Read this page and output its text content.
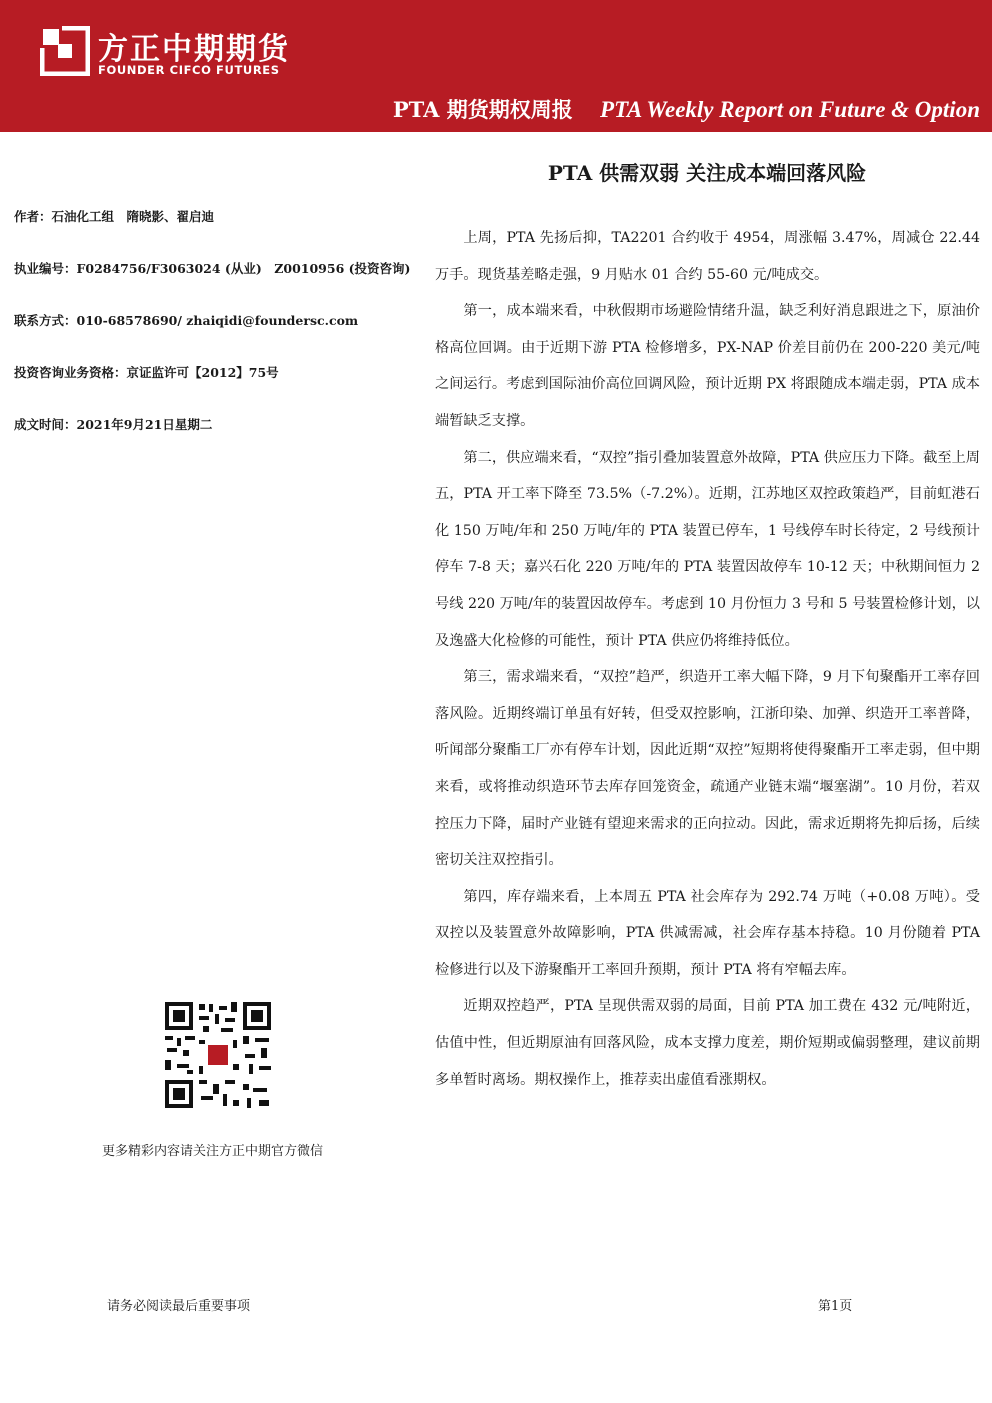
方正中期期货
FOUNDER CIFCO FUTURES
PTA 期货期权周报 PTA Weekly Report on Future & Option
PTA 供需双弱 关注成本端回落风险
作者：石油化工组　隋晓影、翟启迪
执业编号：F0284756/F3063024 (从业)　Z0010956 (投资咨询)
联系方式：010-68578690/ zhaiqidi@foundersc.com
投资咨询业务资格：京证监许可【2012】75号
成文时间：2021年9月21日星期二

上周，PTA 先扬后抑，TA2201 合约收于 4954，周涨幅 3.47%，周减仓 22.44 万手。现货基差略走强，9 月贴水 01 合约 55-60 元/吨成交。

第一，成本端来看，中秋假期市场避险情绪升温，缺乏利好消息跟进之下，原油价格高位回调。由于近期下游 PTA 检修增多，PX-NAP 价差目前仍在 200-220 美元/吨之间运行。考虑到国际油价高位回调风险，预计近期 PX 将跟随成本端走弱，PTA 成本端暂缺乏支撑。

第二，供应端来看，“双控”指引叠加装置意外故障，PTA 供应压力下降。截至上周五，PTA 开工率下降至 73.5%（-7.2%）。近期，江苏地区双控政策趋严，目前虹港石化 150 万吨/年和 250 万吨/年的 PTA 装置已停车，1 号线停车时长待定，2 号线预计停车 7-8 天；嘉兴石化 220 万吨/年的 PTA 装置因故停车 10-12 天；中秋期间恒力 2 号线 220 万吨/年的装置因故停车。考虑到 10 月份恒力 3 号和 5 号装置检修计划，以及逸盛大化检修的可能性，预计 PTA 供应仍将维持低位。

第三，需求端来看，“双控”趋严，织造开工率大幅下降，9 月下旬聚酯开工率存回落风险。近期终端订单虽有好转，但受双控影响，江浙印染、加弹、织造开工率普降，听闻部分聚酯工厂亦有停车计划，因此近期“双控”短期将使得聚酯开工率走弱，但中期来看，或将推动织造环节去库存回笼资金，疏通产业链末端“堰塞湖”。10 月份，若双控压力下降，届时产业链有望迎来需求的正向拉动。因此，需求近期将先抑后扬，后续密切关注双控指引。

第四，库存端来看，上本周五 PTA 社会库存为 292.74 万吨（+0.08 万吨）。受双控以及装置意外故障影响，PTA 供减需减，社会库存基本持稳。10 月份随着 PTA 检修进行以及下游聚酯开工率回升预期，预计 PTA 将有窄幅去库。

近期双控趋严，PTA 呈现供需双弱的局面，目前 PTA 加工费在 432 元/吨附近，估值中性，但近期原油有回落风险，成本支撑力度差，期价短期或偏弱整理，建议前期多单暂时离场。期权操作上，推荐卖出虚值看涨期权。

更多精彩内容请关注方正中期官方微信
请务必阅读最后重要事项	第1页
